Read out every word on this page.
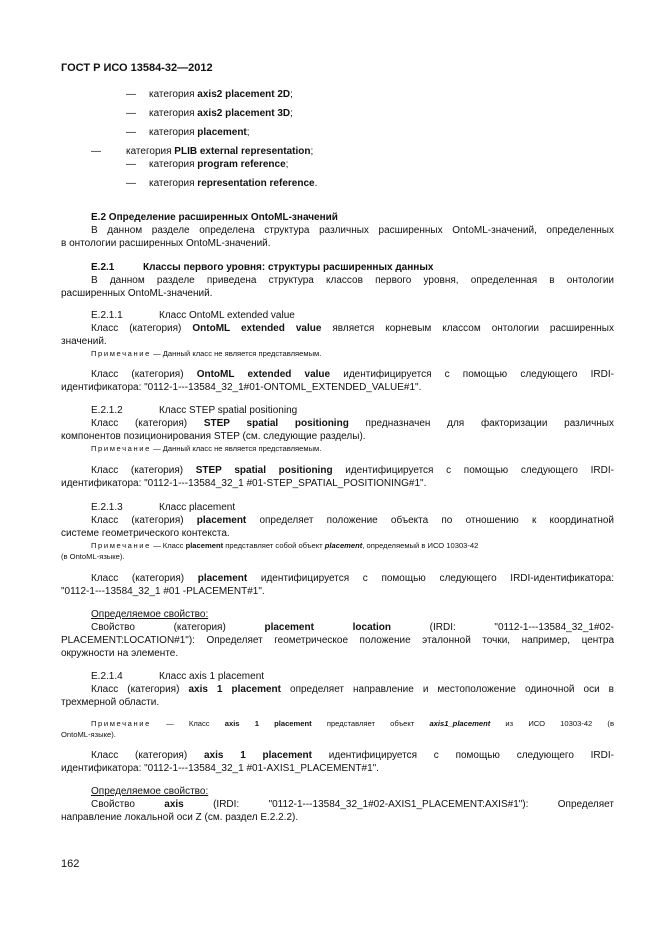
ГОСТ Р ИСО 13584-32—2012
— категория axis2 placement 2D;
— категория axis2 placement 3D;
— категория placement;
—	категория PLIB external representation;
— категория program reference;
— категория representation reference.
E.2 Определение расширенных OntoML-значений
В данном разделе определена структура различных расширенных OntoML-значений, определенных
в онтологии расширенных OntoML-значений.
E.2.1	Классы первого уровня: структуры расширенных данных
В данном разделе приведена структура классов первого уровня, определенная в онтологии
расширенных OntoML-значений.
E.2.1.1	Класс OntoML extended value
Класс (категория) OntoML extended value является корневым классом онтологии расширенных
значений.
Примечание — Данный класс не является представляемым.
Класс (категория) OntoML extended value идентифицируется с помощью следующего IRDI-
идентификатора: "0112-1---13584_32_1#01-ONTOML_EXTENDED_VALUE#1".
E.2.1.2	Класс STEP spatial positioning
Класс (категория) STEP spatial positioning предназначен для факторизации различных
компонентов позиционирования STEP (см. следующие разделы).
Примечание — Данный класс не является представляемым.
Класс (категория) STEP spatial positioning идентифицируется с помощью следующего IRDI-
идентификатора: "0112-1---13584_32_1 #01-STEP_SPATIAL_POSITIONING#1".
E.2.1.3	Класс placement
Класс (категория) placement определяет положение объекта по отношению к координатной
системе геометрического контекста.
Примечание — Класс placement представляет собой объект placement, определяемый в ИСО 10303-42
(в OntoML-языке).
Класс (категория) placement идентифицируется с помощью следующего IRDI-идентификатора:
"0112-1---13584_32_1 #01 -PLACEMENT#1".
Определяемое свойство:
Свойство (категория) placement location (IRDI: "0112-1---13584_32_1#02-
PLACEMENT:LOCATION#1"): Определяет геометрическое положение эталонной точки, например, центра
окружности на элементе.
E.2.1.4	Класс axis 1 placement
Класс (категория) axis 1 placement определяет направление и местоположение одиночной оси в
трехмерной области.
Примечание — Класс axis 1 placement представляет объект axis1_placement из ИСО 10303-42 (в
OntoML-языке).
Класс (категория) axis 1 placement идентифицируется с помощью следующего IRDI-
идентификатора: "0112-1---13584_32_1 #01-AXIS1_PLACEMENT#1".
Определяемое свойство:
Свойство axis (IRDI: "0112-1---13584_32_1#02-AXIS1_PLACEMENT:AXIS#1"): Определяет
направление локальной оси Z (см. раздел E.2.2.2).
162
